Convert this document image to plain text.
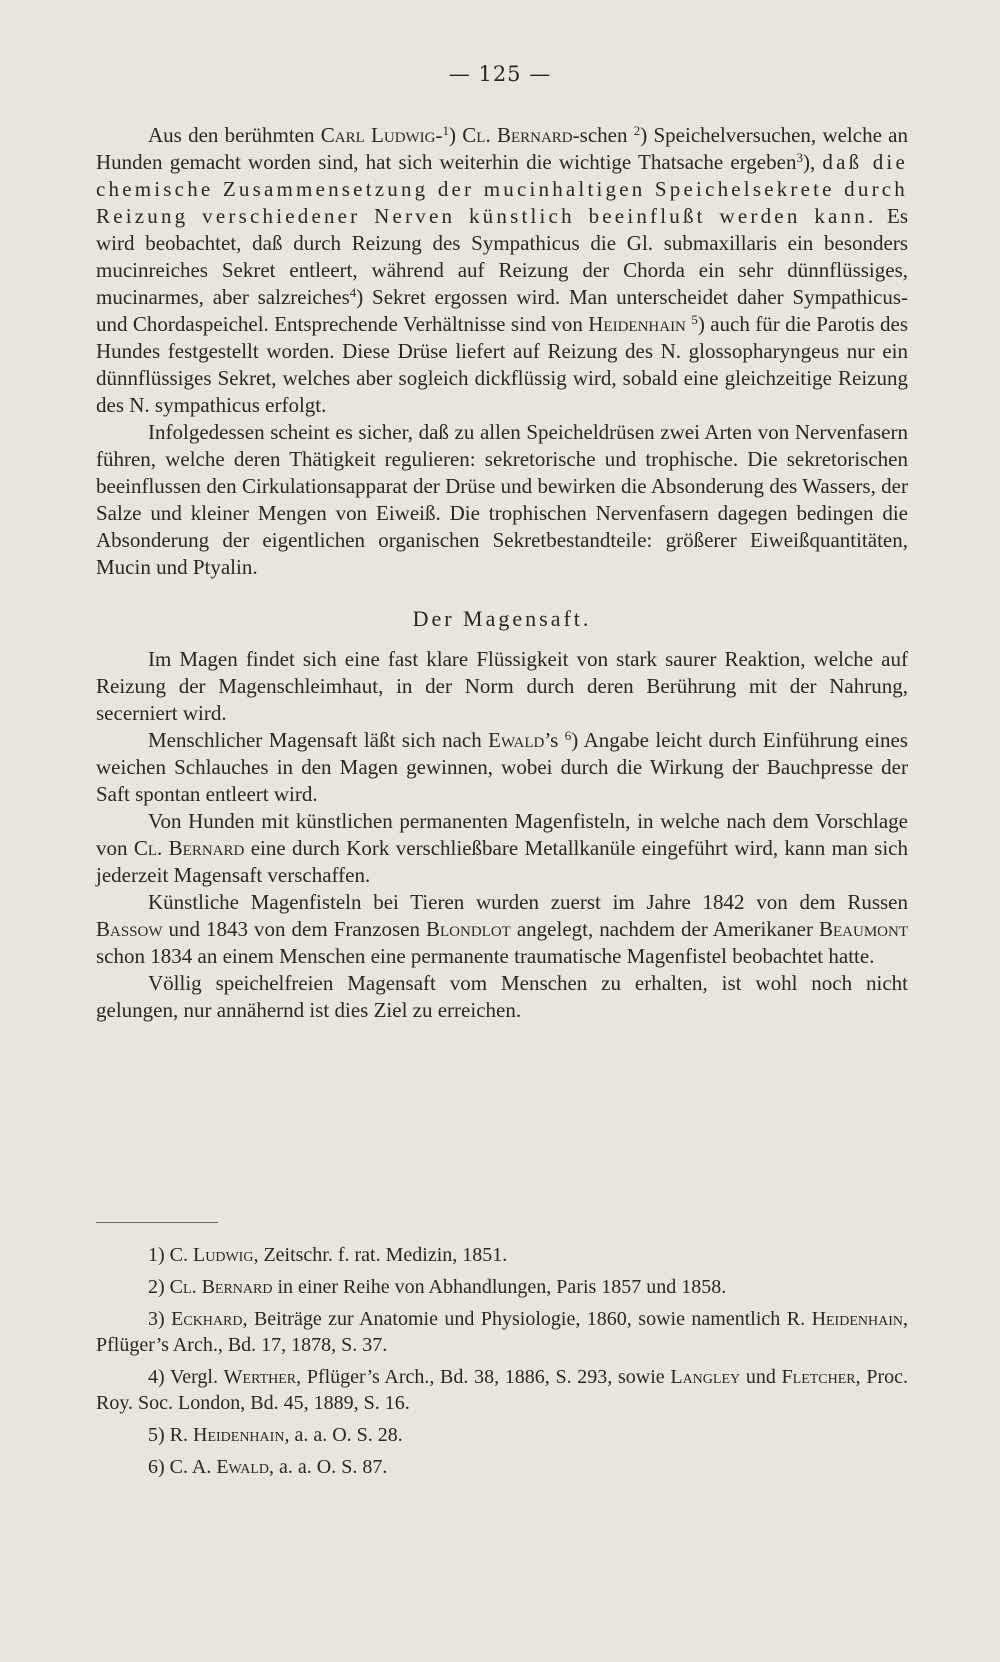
— 125 —

Aus den berühmten Carl Ludwig-$^1$) Cl. Bernard-schen $^2$) Speichelversuchen, welche an Hunden gemacht worden sind, hat sich weiterhin die wichtige Thatsache ergeben$^3$), daß die chemische Zusammensetzung der mucinhaltigen Speichelsekrete durch Reizung verschiedener Nerven künstlich beeinflußt werden kann. Es wird beobachtet, daß durch Reizung des Sympathicus die Gl. submaxillaris ein besonders mucinreiches Sekret entleert, während auf Reizung der Chorda ein sehr dünnflüssiges, mucinarmes, aber salzreiches$^4$) Sekret ergossen wird. Man unterscheidet daher Sympathicus- und Chordaspeichel. Entsprechende Verhältnisse sind von Heidenhain $^5$) auch für die Parotis des Hundes festgestellt worden. Diese Drüse liefert auf Reizung des N. glossopharyngeus nur ein dünnflüssiges Sekret, welches aber sogleich dickflüssig wird, sobald eine gleichzeitige Reizung des N. sympathicus erfolgt.

Infolgedessen scheint es sicher, daß zu allen Speicheldrüsen zwei Arten von Nervenfasern führen, welche deren Thätigkeit regulieren: sekretorische und trophische. Die sekretorischen beeinflussen den Cirkulationsapparat der Drüse und bewirken die Absonderung des Wassers, der Salze und kleiner Mengen von Eiweiß. Die trophischen Nervenfasern dagegen bedingen die Absonderung der eigentlichen organischen Sekretbestandteile: größerer Eiweißquantitäten, Mucin und Ptyalin.

Der Magensaft.

Im Magen findet sich eine fast klare Flüssigkeit von stark saurer Reaktion, welche auf Reizung der Magenschleimhaut, in der Norm durch deren Berührung mit der Nahrung, secerniert wird.

Menschlicher Magensaft läßt sich nach Ewald’s $^6$) Angabe leicht durch Einführung eines weichen Schlauches in den Magen gewinnen, wobei durch die Wirkung der Bauchpresse der Saft spontan entleert wird.

Von Hunden mit künstlichen permanenten Magenfisteln, in welche nach dem Vorschlage von Cl. Bernard eine durch Kork verschließbare Metallkanüle eingeführt wird, kann man sich jederzeit Magensaft verschaffen.

Künstliche Magenfisteln bei Tieren wurden zuerst im Jahre 1842 von dem Russen Bassow und 1843 von dem Franzosen Blondlot angelegt, nachdem der Amerikaner Beaumont schon 1834 an einem Menschen eine permanente traumatische Magenfistel beobachtet hatte.

Völlig speichelfreien Magensaft vom Menschen zu erhalten, ist wohl noch nicht gelungen, nur annähernd ist dies Ziel zu erreichen.

1) C. Ludwig, Zeitschr. f. rat. Medizin, 1851.

2) Cl. Bernard in einer Reihe von Abhandlungen, Paris 1857 und 1858.

3) Eckhard, Beiträge zur Anatomie und Physiologie, 1860, sowie namentlich R. Heidenhain, Pflüger’s Arch., Bd. 17, 1878, S. 37.

4) Vergl. Werther, Pflüger’s Arch., Bd. 38, 1886, S. 293, sowie Langley und Fletcher, Proc. Roy. Soc. London, Bd. 45, 1889, S. 16.

5) R. Heidenhain, a. a. O. S. 28.

6) C. A. Ewald, a. a. O. S. 87.
